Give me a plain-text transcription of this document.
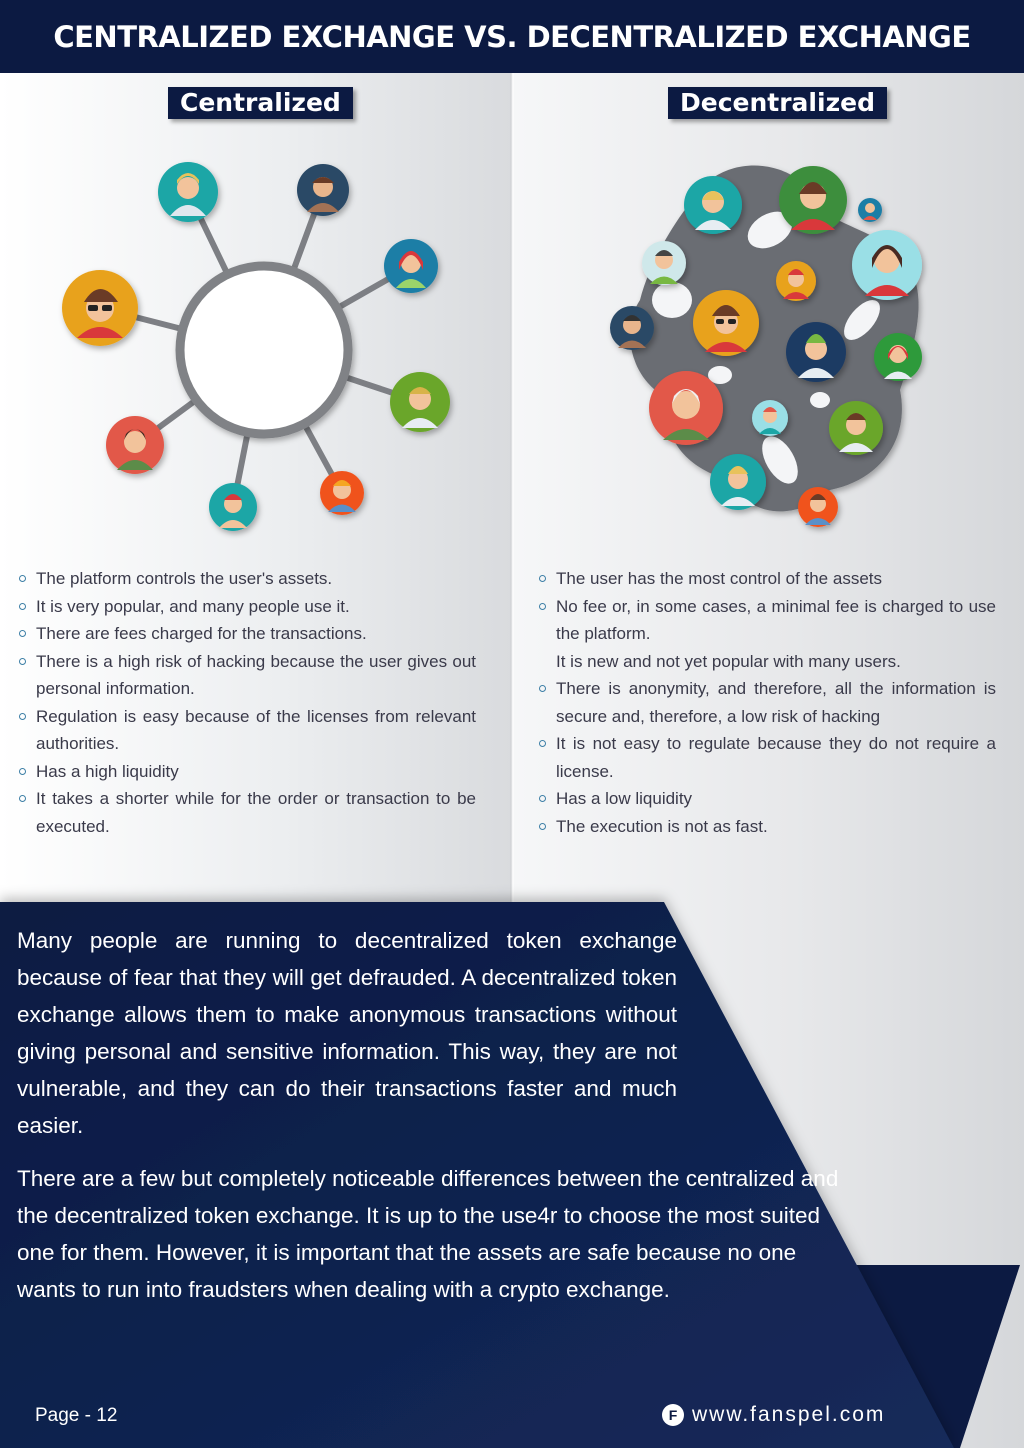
CENTRALIZED EXCHANGE VS. DECENTRALIZED EXCHANGE
Centralized	Decentralized
The platform controls the user's assets.
It is very popular, and many people use it.
There are fees charged for the transactions.
There is a high risk of hacking because the user gives out personal information.
Regulation is easy because of the licenses from relevant authorities.
Has a high liquidity
It takes a shorter while for the order or transaction to be executed.
The user has the most control of the assets
No fee or, in some cases, a minimal fee is charged to use the platform.
It is new and not yet popular with many users.
There is anonymity, and therefore, all the information is secure and, therefore, a low risk of hacking
It is not easy to regulate because they do not require a license.
Has a low liquidity
The execution is not as fast.

Many people are running to decentralized token exchange because of fear that they will get defrauded. A decentralized token exchange allows them to make anonymous transactions without giving personal and sensitive information. This way, they are not vulnerable, and they can do their transactions faster and much easier.

There are a few but completely noticeable differences between the centralized and the decentralized token exchange. It is up to the use4r to choose the most suited one for them. However, it is important that the assets are safe because no one wants to run into fraudsters when dealing with a crypto exchange.

Page - 12	F www.fanspel.com
